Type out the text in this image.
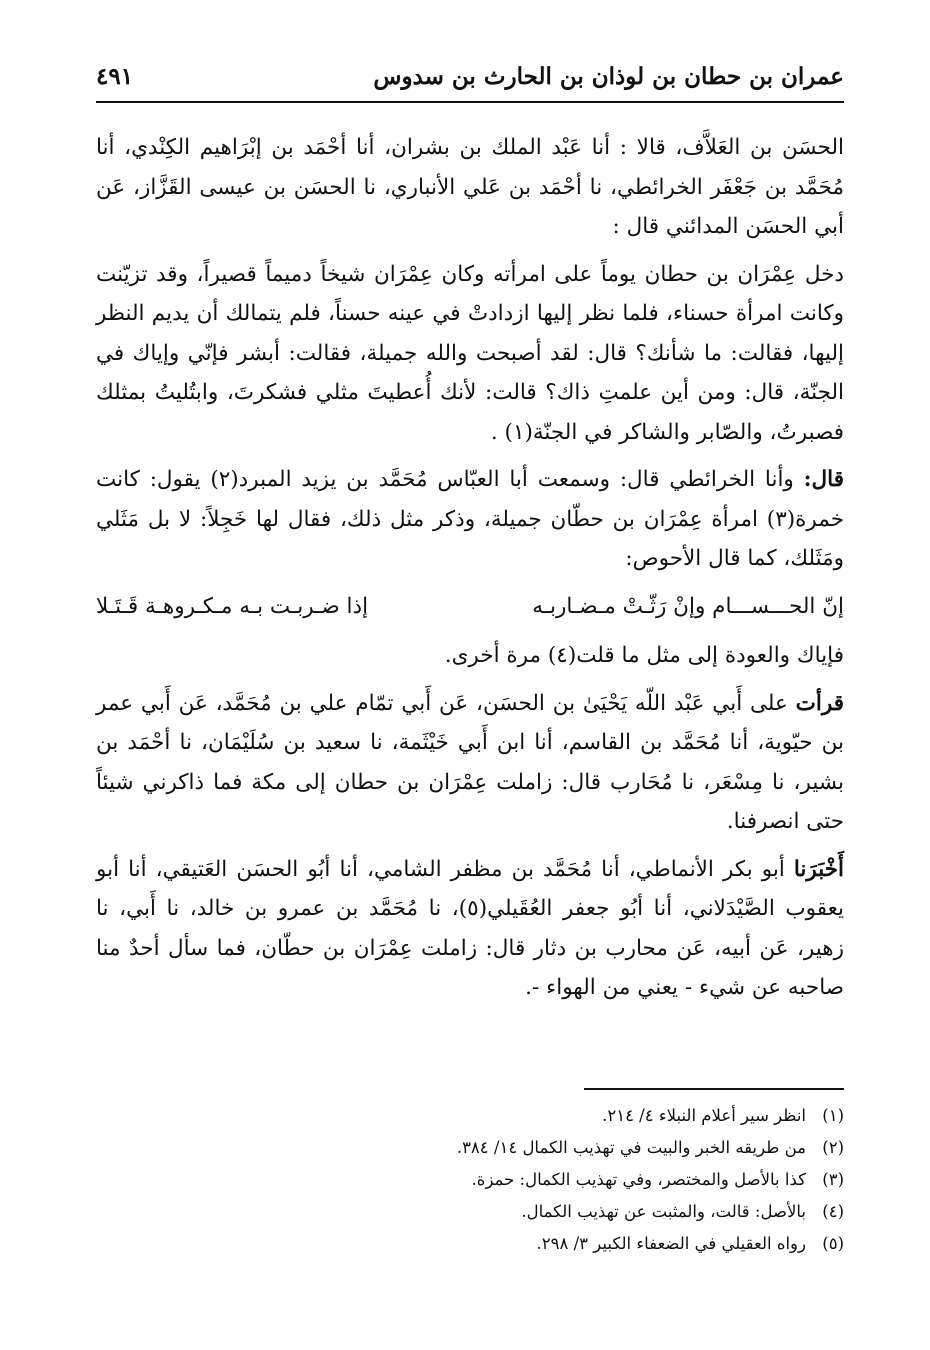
عمران بن حطان بن لوذان بن الحارث بن سدوس
٤٩١

الحسَن بن العَلاَّف، قالا : أنا عَبْد الملك بن بشران، أنا أحْمَد بن إبْرَاهيم الكِنْدي، أنا مُحَمَّد بن جَعْفَر الخرائطي، نا أحْمَد بن عَلي الأنباري، نا الحسَن بن عيسى القَزَّاز، عَن أبي الحسَن المدائني قال :

دخل عِمْرَان بن حطان يوماً على امرأته وكان عِمْرَان شيخاً دميماً قصيراً، وقد تزيّنت وكانت امرأة حسناء، فلما نظر إليها ازدادتْ في عينه حسناً، فلم يتمالك أن يديم النظر إليها، فقالت: ما شأنك؟ قال: لقد أصبحت والله جميلة، فقالت: أبشر فإنّي وإياك في الجنّة، قال: ومن أين علمتِ ذاك؟ قالت: لأنك أُعطيتَ مثلي فشكرتَ، وابتُليتُ بمثلك فصبرتُ، والصّابر والشاكر في الجنّة(١) .

قال: وأنا الخرائطي قال: وسمعت أبا العبّاس مُحَمَّد بن يزيد المبرد(٢) يقول: كانت خمرة(٣) امرأة عِمْرَان بن حطّان جميلة، وذكر مثل ذلك، فقال لها خَجِلاً: لا بل مَثَلي ومَثَلك، كما قال الأحوص:

إنّ الحـــســـام وإنْ رَثّـتْ مـضـاربـه
إذا ضـربـت بـه مـكـروهـة قَـتَـلا

فإياك والعودة إلى مثل ما قلت(٤) مرة أخرى.

قرأت على أَبي عَبْد اللّه يَحْيَىٰ بن الحسَن، عَن أَبي تمّام علي بن مُحَمَّد، عَن أَبي عمر بن حيّوية، أنا مُحَمَّد بن القاسم، أنا ابن أَبي خَيْثَمة، نا سعيد بن سُلَيْمَان، نا أحْمَد بن بشير، نا مِسْعَر، نا مُحَارب قال: زاملت عِمْرَان بن حطان إلى مكة فما ذاكرني شيئاً حتى انصرفنا.

أَخْبَرَنا أبو بكر الأنماطي، أنا مُحَمَّد بن مظفر الشامي، أنا أبُو الحسَن العَتيقي، أنا أبو يعقوب الصَّيْدَلاني، أنا أبُو جعفر العُقَيلي(٥)، نا مُحَمَّد بن عمرو بن خالد، نا أَبي، نا زهير، عَن أبيه، عَن محارب بن دثار قال: زاملت عِمْرَان بن حطّان، فما سأل أحدٌ منا صاحبه عن شيء - يعني من الهواء -.

(١)انظر سير أعلام النبلاء ٤/ ٢١٤.
(٢)من طريقه الخبر والبيت في تهذيب الكمال ١٤/ ٣٨٤.
(٣)كذا بالأصل والمختصر، وفي تهذيب الكمال: حمزة.
(٤)بالأصل: قالت، والمثبت عن تهذيب الكمال.
(٥)رواه العقيلي في الضعفاء الكبير ٣/ ٢٩٨.
